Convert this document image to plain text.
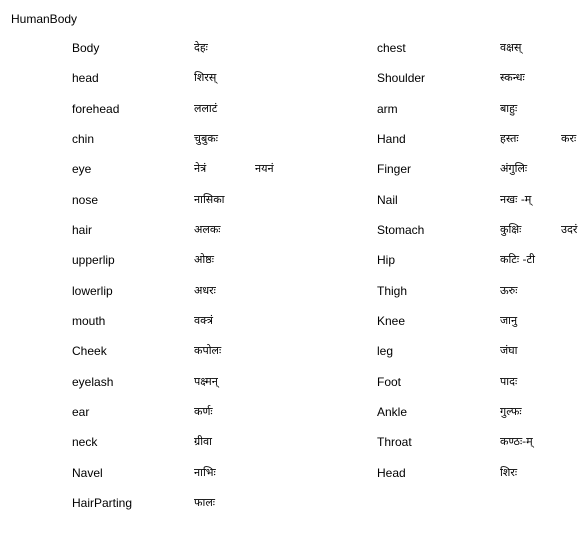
HumanBody
Body	देहः	chest	वक्षस्
head	शिरस्	Shoulder	स्कन्धः
forehead	ललाटं	arm	बाहुः
chin	चुबुकः	Hand	हस्तः	करः
eye	नेत्रं	नयनं	Finger	अंगुलिः
nose	नासिका	Nail	नखः -म्
hair	अलकः	Stomach	कुक्षिः	उदरं
upperlip	ओष्ठः	Hip	कटिः -टी
lowerlip	अधरः	Thigh	ऊरुः
mouth	वक्त्रं	Knee	जानु
Cheek	कपोलः	leg	जंघा
eyelash	पक्ष्मन्	Foot	पादः
ear	कर्णः	Ankle	गुल्फः
neck	ग्रीवा	Throat	कण्ठः-म्
Navel	नाभिः	Head	शिरः
HairParting	फालः
